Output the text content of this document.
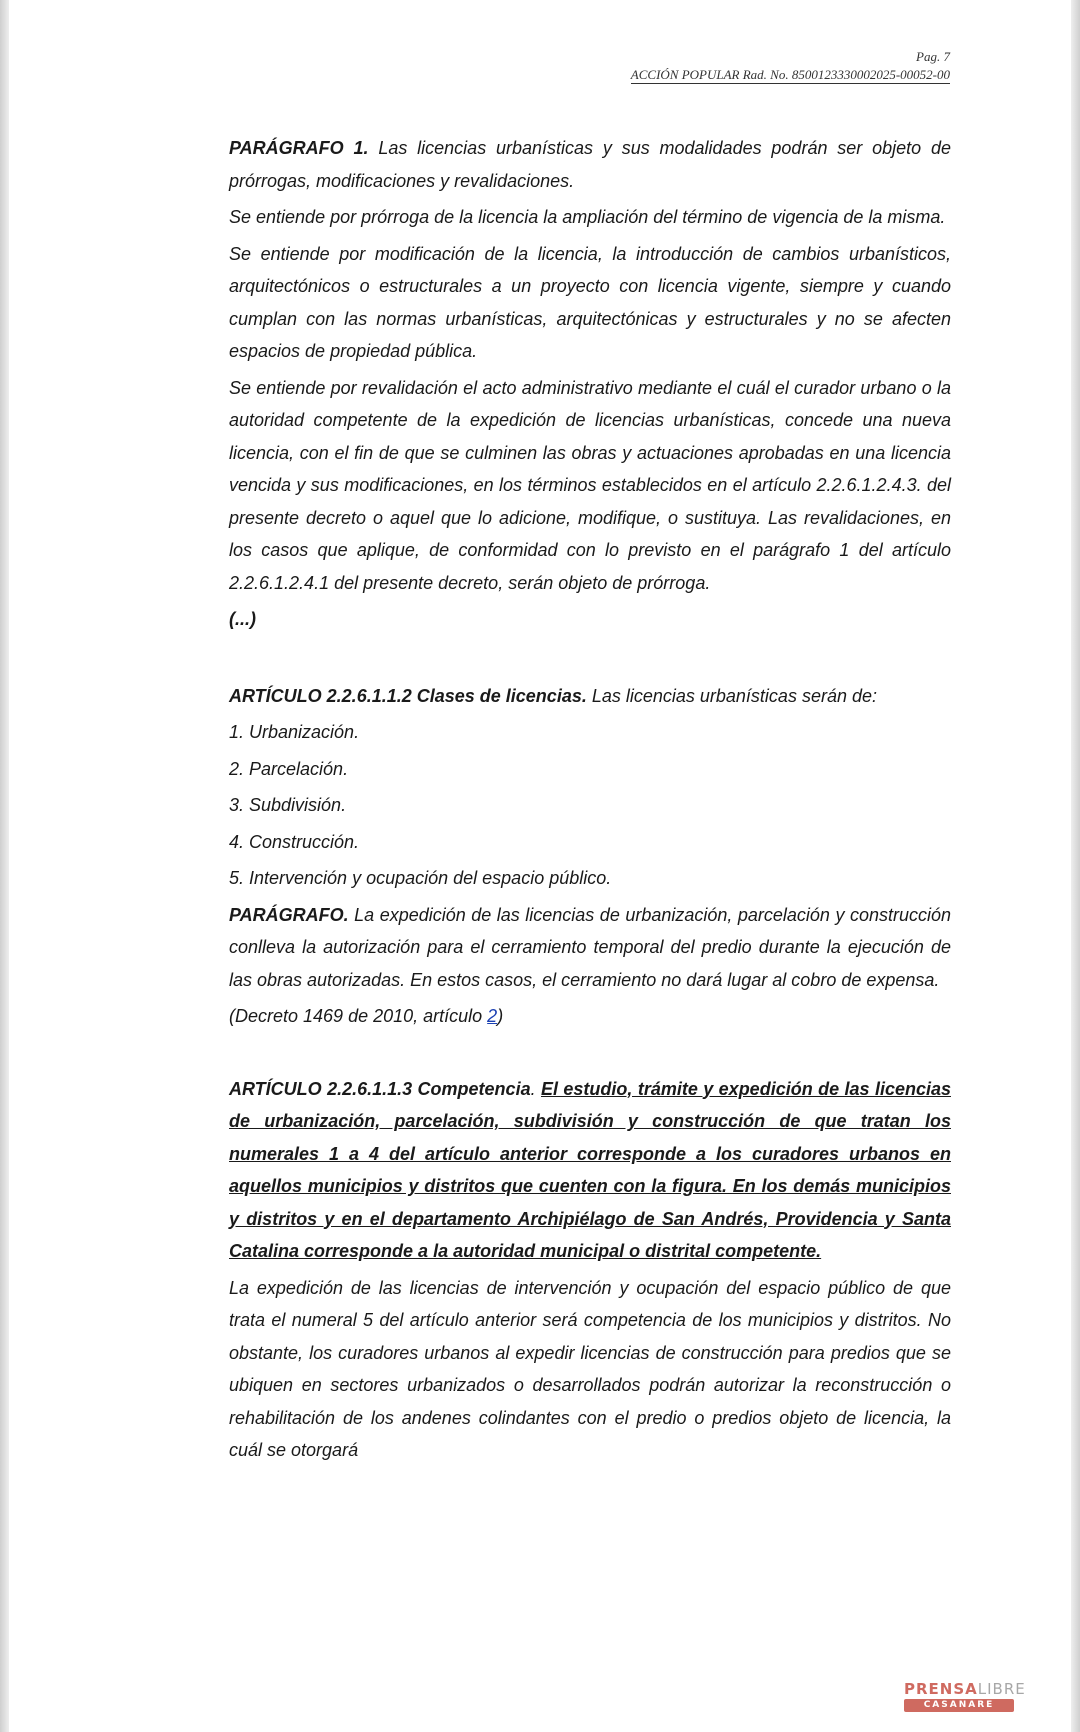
Pag. 7
ACCIÓN POPULAR Rad. No. 8500123330002025-00052-00

PARÁGRAFO 1. Las licencias urbanísticas y sus modalidades podrán ser objeto de prórrogas, modificaciones y revalidaciones.

Se entiende por prórroga de la licencia la ampliación del término de vigencia de la misma.

Se entiende por modificación de la licencia, la introducción de cambios urbanísticos, arquitectónicos o estructurales a un proyecto con licencia vigente, siempre y cuando cumplan con las normas urbanísticas, arquitectónicas y estructurales y no se afecten espacios de propiedad pública.

Se entiende por revalidación el acto administrativo mediante el cuál el curador urbano o la autoridad competente de la expedición de licencias urbanísticas, concede una nueva licencia, con el fin de que se culminen las obras y actuaciones aprobadas en una licencia vencida y sus modificaciones, en los términos establecidos en el artículo 2.2.6.1.2.4.3. del presente decreto o aquel que lo adicione, modifique, o sustituya. Las revalidaciones, en los casos que aplique, de conformidad con lo previsto en el parágrafo 1 del artículo 2.2.6.1.2.4.1 del presente decreto, serán objeto de prórroga.

(...)

ARTÍCULO 2.2.6.1.1.2 Clases de licencias. Las licencias urbanísticas serán de:

1. Urbanización.
2. Parcelación.
3. Subdivisión.
4. Construcción.
5. Intervención y ocupación del espacio público.

PARÁGRAFO. La expedición de las licencias de urbanización, parcelación y construcción conlleva la autorización para el cerramiento temporal del predio durante la ejecución de las obras autorizadas. En estos casos, el cerramiento no dará lugar al cobro de expensa.

(Decreto 1469 de 2010, artículo 2)

ARTÍCULO 2.2.6.1.1.3 Competencia. El estudio, trámite y expedición de las licencias de urbanización, parcelación, subdivisión y construcción de que tratan los numerales 1 a 4 del artículo anterior corresponde a los curadores urbanos en aquellos municipios y distritos que cuenten con la figura. En los demás municipios y distritos y en el departamento Archipiélago de San Andrés, Providencia y Santa Catalina corresponde a la autoridad municipal o distrital competente.

La expedición de las licencias de intervención y ocupación del espacio público de que trata el numeral 5 del artículo anterior será competencia de los municipios y distritos. No obstante, los curadores urbanos al expedir licencias de construcción para predios que se ubiquen en sectores urbanizados o desarrollados podrán autorizar la reconstrucción o rehabilitación de los andenes colindantes con el predio o predios objeto de licencia, la cuál se otorgará

PRENSALIBRE
CASANARE
